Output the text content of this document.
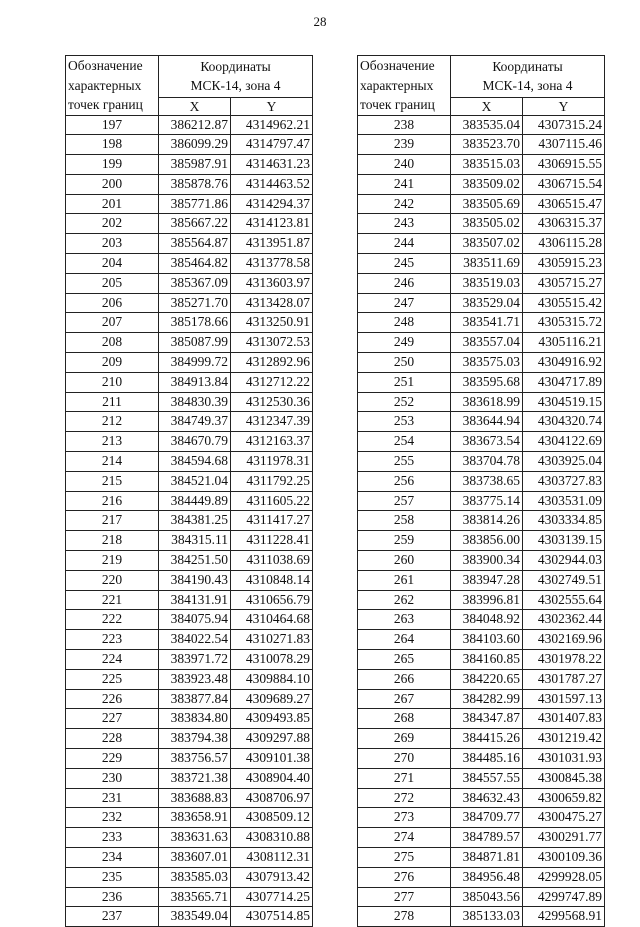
28
Обозначение
характерных
точек границ	Координаты
МСК-14, зона 4	

	X	Y
197	386212.87	4314962.21
198	386099.29	4314797.47
199	385987.91	4314631.23
200	385878.76	4314463.52
201	385771.86	4314294.37
202	385667.22	4314123.81
203	385564.87	4313951.87
204	385464.82	4313778.58
205	385367.09	4313603.97
206	385271.70	4313428.07
207	385178.66	4313250.91
208	385087.99	4313072.53
209	384999.72	4312892.96
210	384913.84	4312712.22
211	384830.39	4312530.36
212	384749.37	4312347.39
213	384670.79	4312163.37
214	384594.68	4311978.31
215	384521.04	4311792.25
216	384449.89	4311605.22
217	384381.25	4311417.27
218	384315.11	4311228.41
219	384251.50	4311038.69
220	384190.43	4310848.14
221	384131.91	4310656.79
222	384075.94	4310464.68
223	384022.54	4310271.83
224	383971.72	4310078.29
225	383923.48	4309884.10
226	383877.84	4309689.27
227	383834.80	4309493.85
228	383794.38	4309297.88
229	383756.57	4309101.38
230	383721.38	4308904.40
231	383688.83	4308706.97
232	383658.91	4308509.12
233	383631.63	4308310.88
234	383607.01	4308112.31
235	383585.03	4307913.42
236	383565.71	4307714.25
237	383549.04	4307514.85
Обозначение
характерных
точек границ	Координаты
МСК-14, зона 4	

	X	Y
238	383535.04	4307315.24
239	383523.70	4307115.46
240	383515.03	4306915.55
241	383509.02	4306715.54
242	383505.69	4306515.47
243	383505.02	4306315.37
244	383507.02	4306115.28
245	383511.69	4305915.23
246	383519.03	4305715.27
247	383529.04	4305515.42
248	383541.71	4305315.72
249	383557.04	4305116.21
250	383575.03	4304916.92
251	383595.68	4304717.89
252	383618.99	4304519.15
253	383644.94	4304320.74
254	383673.54	4304122.69
255	383704.78	4303925.04
256	383738.65	4303727.83
257	383775.14	4303531.09
258	383814.26	4303334.85
259	383856.00	4303139.15
260	383900.34	4302944.03
261	383947.28	4302749.51
262	383996.81	4302555.64
263	384048.92	4302362.44
264	384103.60	4302169.96
265	384160.85	4301978.22
266	384220.65	4301787.27
267	384282.99	4301597.13
268	384347.87	4301407.83
269	384415.26	4301219.42
270	384485.16	4301031.93
271	384557.55	4300845.38
272	384632.43	4300659.82
273	384709.77	4300475.27
274	384789.57	4300291.77
275	384871.81	4300109.36
276	384956.48	4299928.05
277	385043.56	4299747.89
278	385133.03	4299568.91
